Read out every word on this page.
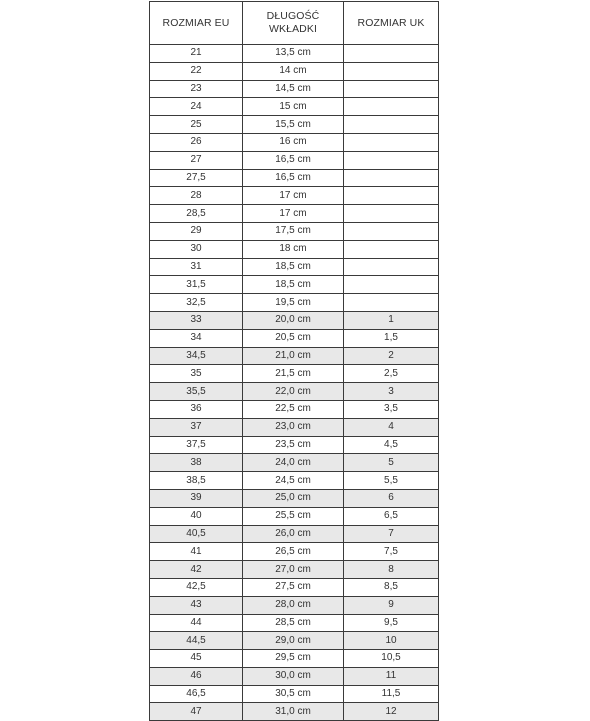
ROZMIAR EU	DŁUGOŚĆ WKŁADKI	ROZMIAR UK
21	13,5 cm	
22	14 cm	
23	14,5 cm	
24	15 cm	
25	15,5 cm	
26	16 cm	
27	16,5 cm	
27,5	16,5 cm	
28	17 cm	
28,5	17 cm	
29	17,5 cm	
30	18 cm	
31	18,5 cm	
31,5	18,5 cm	
32,5	19,5 cm	
33	20,0 cm	1
34	20,5 cm	1,5
34,5	21,0 cm	2
35	21,5 cm	2,5
35,5	22,0 cm	3
36	22,5 cm	3,5
37	23,0 cm	4
37,5	23,5 cm	4,5
38	24,0 cm	5
38,5	24,5 cm	5,5
39	25,0 cm	6
40	25,5 cm	6,5
40,5	26,0 cm	7
41	26,5 cm	7,5
42	27,0 cm	8
42,5	27,5 cm	8,5
43	28,0 cm	9
44	28,5 cm	9,5
44,5	29,0 cm	10
45	29,5 cm	10,5
46	30,0 cm	11
46,5	30,5 cm	11,5
47	31,0 cm	12
